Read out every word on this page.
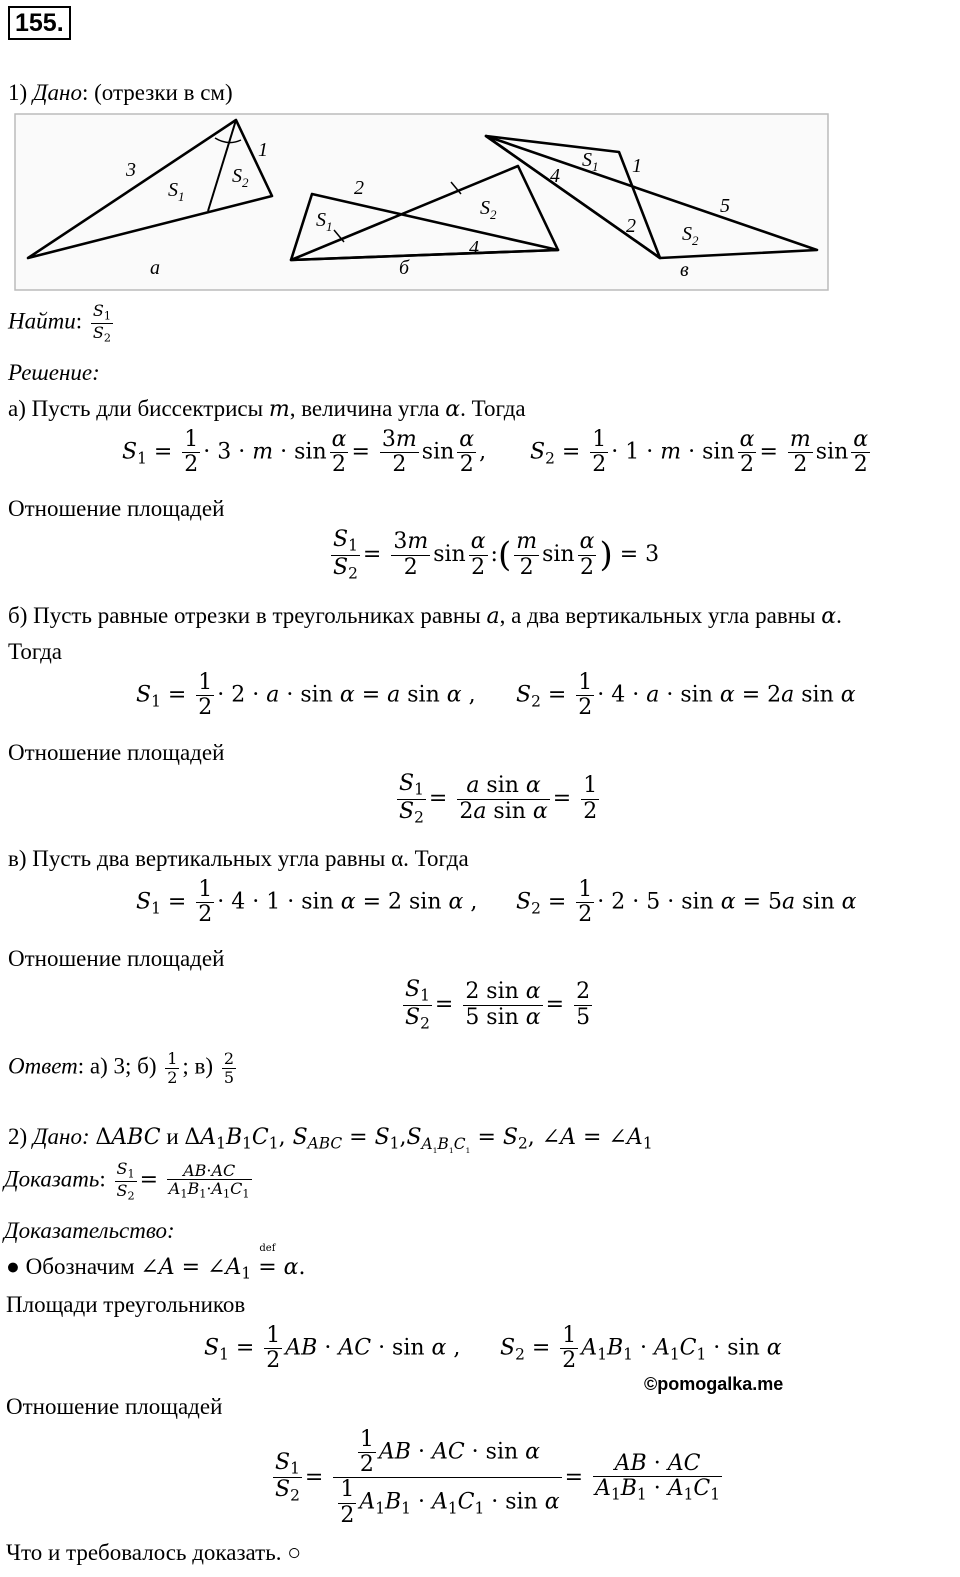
155.
1) Дано: (отрезки в см)
3
1
$S_1$
$S_2$
а
2
4
$S_1$
$S_2$
б
1
4
2
5
$S_1$
$S_2$
в
Найти: $\frac{S_1}{S_2}$
Решение:
а) Пусть дли биссектрисы m, величина угла α. Тогда
$S_1 = \frac{1}{2} \cdot 3 \cdot m \cdot \sin \frac{\alpha}{2} = \frac{3m}{2}$ $\sin \frac{\alpha}{2}$ , $S_2 = \frac{1}{2} \cdot 1 \cdot m \cdot \sin \frac{\alpha}{2} = \frac{m}{2}$ $\sin \frac{\alpha}{2}$
Отношение площадей
$\frac{S_1}{S_2} = \frac{3m}{2}$ $\sin \frac{\alpha}{2}$ :( $\frac{m}{2}$ $\sin \frac{\alpha}{2}$ ) = 3
б) Пусть равные отрезки в треугольниках равны a, а два вертикальных угла равны α.
Тогда
$S_1 = \frac{1}{2} \cdot 2 \cdot a \cdot \sin \alpha = a$ sin α , $S_2 = \frac{1}{2} \cdot 4 \cdot a \cdot \sin \alpha = 2a$ sin α
Отношение площадей
$\frac{S_1}{S_2} = \frac{\text{a sin α}}{\text{2a sin α}} = \frac{1}{2}$
в) Пусть два вертикальных угла равны α. Тогда
$S_1 = \frac{1}{2} \cdot 4 \cdot 1 \cdot \sin \alpha = 2$ sin α , $S_2 = \frac{1}{2} \cdot 2 \cdot 5 \cdot \sin \alpha = 5a$ sin α
Отношение площадей
$\frac{S_1}{S_2} = \frac{\text{2 sin α}}{\text{5 sin α}} = \frac{2}{5}$
Ответ: а) 3; $б) \frac{1}{2}$ ; $в) \frac{2}{5}$
2) Дано: ΔABC и $\Delta A_1B_1C_1$, $S_{ABC} = S_1,S_{A_1B_1C_1} = S_2$, ∠A = $\angle A_1$
Доказать: $\frac{S_1}{S_2} = \frac{AB\cdot AC}{A_1B_1\cdot A_1C_1}$
Доказательство:
● Обозначим ∠A = $\angle A_1$ =
def
α.
Площади треугольников
$S_1 = \frac{1}{2}$ AB · AC · sin α , $S_2 = \frac{1}{2} A_1B_1 \cdot A_1C_1 \cdot \sin \alpha$
©pomogalka.me
Отношение площадей
$\frac{S_1}{S_2} = \frac{\frac{1}{2} AB \cdot AC \cdot \sin \alpha}{\frac{1}{2} A_1B_1 \cdot A_1C_1 \cdot \sin \alpha} = \frac{AB \cdot AC}{A_1B_1 \cdot A_1C_1}$
Что и требовалось доказать. ○
